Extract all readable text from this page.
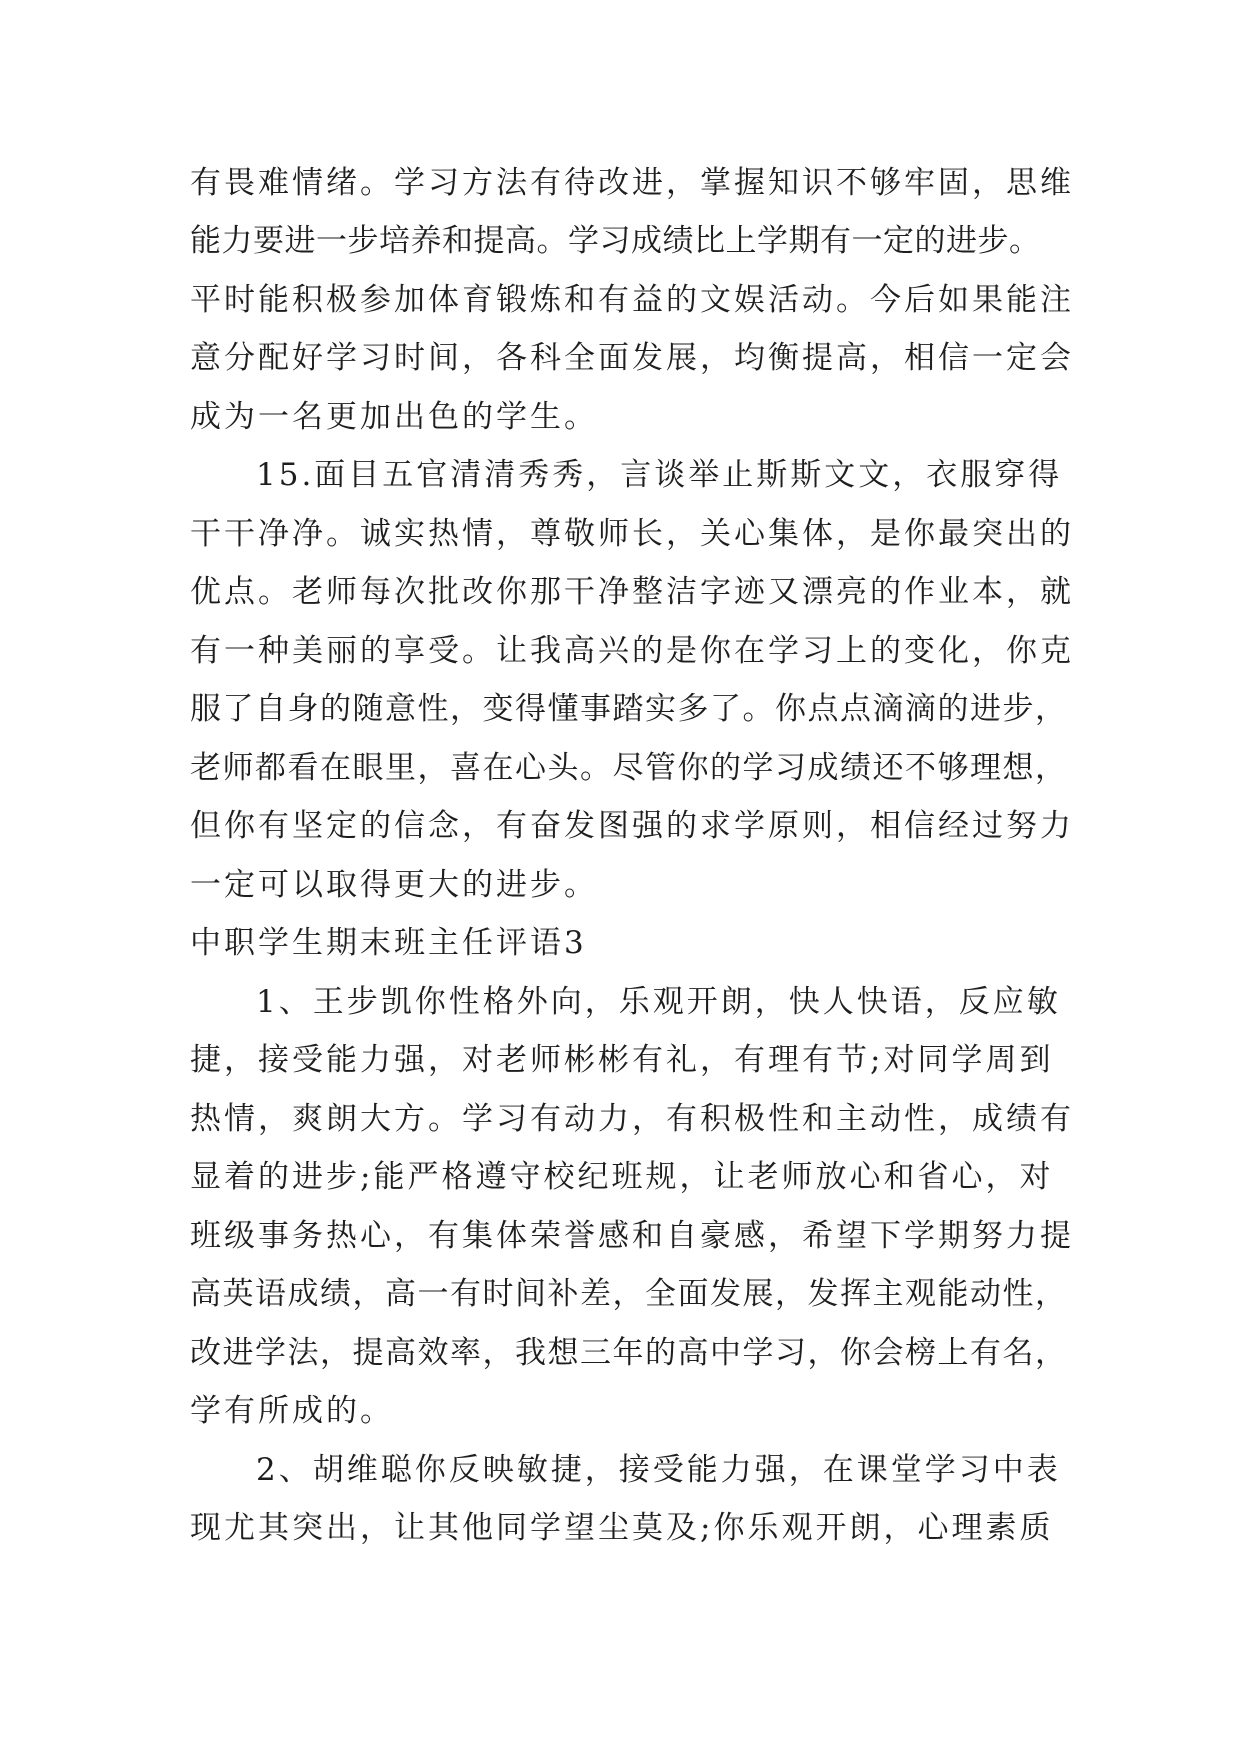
有畏难情绪。学习方法有待改进，掌握知识不够牢固，思维

能力要进一步培养和提高。学习成绩比上学期有一定的进步。

平时能积极参加体育锻炼和有益的文娱活动。今后如果能注

意分配好学习时间，各科全面发展，均衡提高，相信一定会

成为一名更加出色的学生。

15.面目五官清清秀秀，言谈举止斯斯文文，衣服穿得

干干净净。诚实热情，尊敬师长，关心集体，是你最突出的

优点。老师每次批改你那干净整洁字迹又漂亮的作业本，就

有一种美丽的享受。让我高兴的是你在学习上的变化，你克

服了自身的随意性，变得懂事踏实多了。你点点滴滴的进步，

老师都看在眼里，喜在心头。尽管你的学习成绩还不够理想，

但你有坚定的信念，有奋发图强的求学原则，相信经过努力

一定可以取得更大的进步。

中职学生期末班主任评语3

1、王步凯你性格外向，乐观开朗，快人快语，反应敏

捷，接受能力强，对老师彬彬有礼，有理有节;对同学周到

热情，爽朗大方。学习有动力，有积极性和主动性，成绩有

显着的进步;能严格遵守校纪班规，让老师放心和省心，对

班级事务热心，有集体荣誉感和自豪感，希望下学期努力提

高英语成绩，高一有时间补差，全面发展，发挥主观能动性，

改进学法，提高效率，我想三年的高中学习，你会榜上有名，

学有所成的。

2、胡维聪你反映敏捷，接受能力强，在课堂学习中表

现尤其突出，让其他同学望尘莫及;你乐观开朗，心理素质
